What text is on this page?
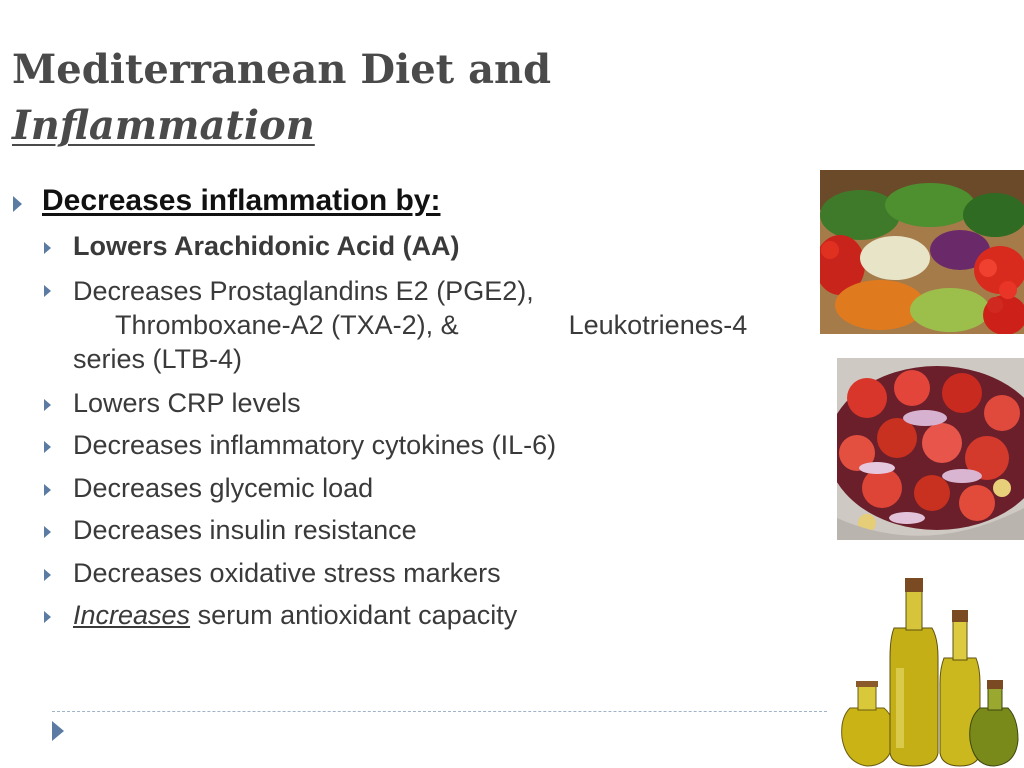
Mediterranean Diet and
Inflammation
Decreases inflammation by:
Lowers Arachidonic Acid (AA)
Decreases Prostaglandins E2 (PGE2),
Thromboxane-A2 (TXA-2), &	Leukotrienes-4
series (LTB-4)
Lowers CRP levels
Decreases inflammatory cytokines (IL-6)
Decreases glycemic load
Decreases insulin resistance
Decreases oxidative stress markers
Increases serum antioxidant capacity
